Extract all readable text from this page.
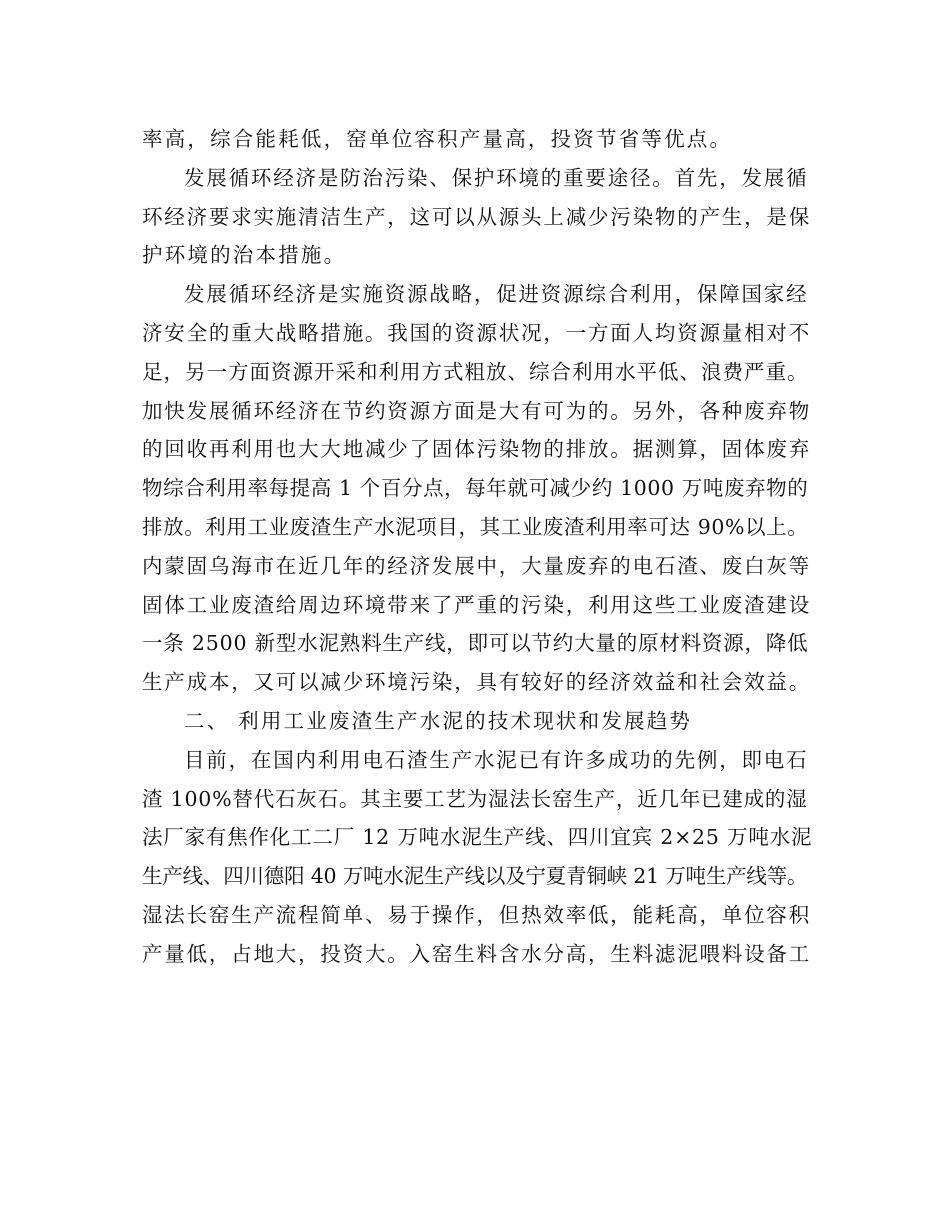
率高，综合能耗低，窑单位容积产量高，投资节省等优点。
发展循环经济是防治污染、保护环境的重要途径。首先，发展循
环经济要求实施清洁生产，这可以从源头上减少污染物的产生，是保
护环境的治本措施。
发展循环经济是实施资源战略，促进资源综合利用，保障国家经
济安全的重大战略措施。我国的资源状况，一方面人均资源量相对不
足，另一方面资源开采和利用方式粗放、综合利用水平低、浪费严重。
加快发展循环经济在节约资源方面是大有可为的。另外，各种废弃物
的回收再利用也大大地减少了固体污染物的排放。据测算，固体废弃
物综合利用率每提高 1 个百分点，每年就可减少约 1000 万吨废弃物的
排放。利用工业废渣生产水泥项目，其工业废渣利用率可达 90%以上。
内蒙固乌海市在近几年的经济发展中，大量废弃的电石渣、废白灰等
固体工业废渣给周边环境带来了严重的污染，利用这些工业废渣建设
一条 2500 新型水泥熟料生产线，即可以节约大量的原材料资源，降低
生产成本，又可以减少环境污染，具有较好的经济效益和社会效益。
二、 利用工业废渣生产水泥的技术现状和发展趋势
目前，在国内利用电石渣生产水泥已有许多成功的先例，即电石
渣 100%替代石灰石。其主要工艺为湿法长窑生产，近几年已建成的湿
法厂家有焦作化工二厂 12 万吨水泥生产线、四川宜宾 2×25 万吨水泥
生产线、四川德阳 40 万吨水泥生产线以及宁夏青铜峡 21 万吨生产线等。
湿法长窑生产流程简单、易于操作，但热效率低，能耗高，单位容积
产量低，占地大，投资大。入窑生料含水分高，生料滤泥喂料设备工
